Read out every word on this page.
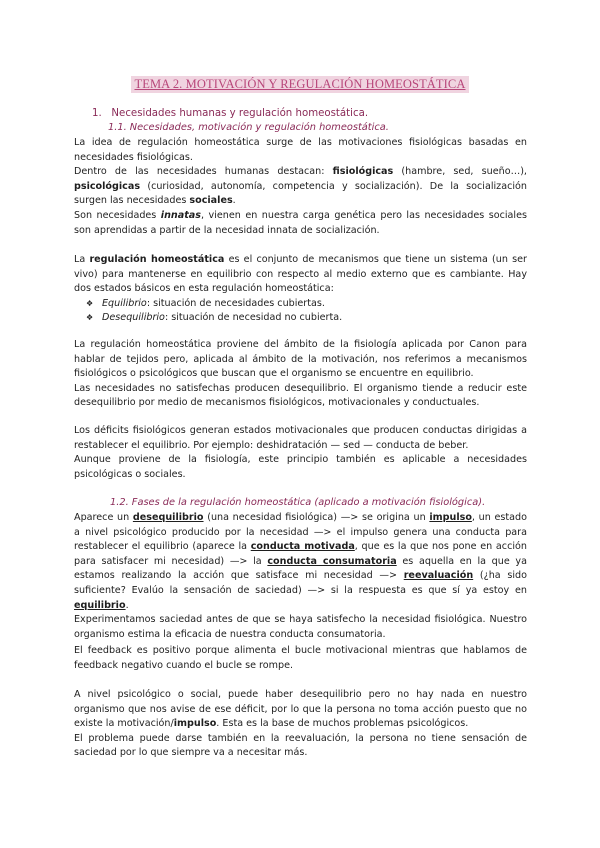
TEMA 2. MOTIVACIÓN Y REGULACIÓN HOMEOSTÁTICA
1.   Necesidades humanas y regulación homeostática.
1.1. Necesidades, motivación y regulación homeostática.

La idea de regulación homeostática surge de las motivaciones fisiológicas basadas en necesidades fisiológicas.

Dentro de las necesidades humanas destacan: fisiológicas (hambre, sed, sueño…), psicológicas (curiosidad, autonomía, competencia y socialización). De la socialización surgen las necesidades sociales.

Son necesidades innatas, vienen en nuestra carga genética pero las necesidades sociales son aprendidas a partir de la necesidad innata de socialización.

La regulación homeostática es el conjunto de mecanismos que tiene un sistema (un ser vivo) para mantenerse en equilibrio con respecto al medio externo que es cambiante. Hay dos estados básicos en esta regulación homeostática:

❖ Equilibrio: situación de necesidades cubiertas.

❖ Desequilibrio: situación de necesidad no cubierta.

La regulación homeostática proviene del ámbito de la fisiología aplicada por Canon para hablar de tejidos pero, aplicada al ámbito de la motivación, nos referimos a mecanismos fisiológicos o psicológicos que buscan que el organismo se encuentre en equilibrio.

Las necesidades no satisfechas producen desequilibrio. El organismo tiende a reducir este desequilibrio por medio de mecanismos fisiológicos, motivacionales y conductuales.

Los déficits fisiológicos generan estados motivacionales que producen conductas dirigidas a restablecer el equilibrio. Por ejemplo: deshidratación — sed — conducta de beber.

Aunque proviene de la fisiología, este principio también es aplicable a necesidades psicológicas o sociales.

1.2. Fases de la regulación homeostática (aplicado a motivación fisiológica).

Aparece un desequilibrio (una necesidad fisiológica) —> se origina un impulso, un estado a nivel psicológico producido por la necesidad —> el impulso genera una conducta para restablecer el equilibrio (aparece la conducta motivada, que es la que nos pone en acción para satisfacer mi necesidad) —> la conducta consumatoria es aquella en la que ya estamos realizando la acción que satisface mi necesidad —> reevaluación (¿ha sido suficiente? Evalúo la sensación de saciedad) —> si la respuesta es que sí ya estoy en equilibrio.

Experimentamos saciedad antes de que se haya satisfecho la necesidad fisiológica. Nuestro organismo estima la eficacia de nuestra conducta consumatoria.

El feedback es positivo porque alimenta el bucle motivacional mientras que hablamos de feedback negativo cuando el bucle se rompe.

A nivel psicológico o social, puede haber desequilibrio pero no hay nada en nuestro organismo que nos avise de ese déficit, por lo que la persona no toma acción puesto que no existe la motivación/impulso. Esta es la base de muchos problemas psicológicos.

El problema puede darse también en la reevaluación, la persona no tiene sensación de saciedad por lo que siempre va a necesitar más.
